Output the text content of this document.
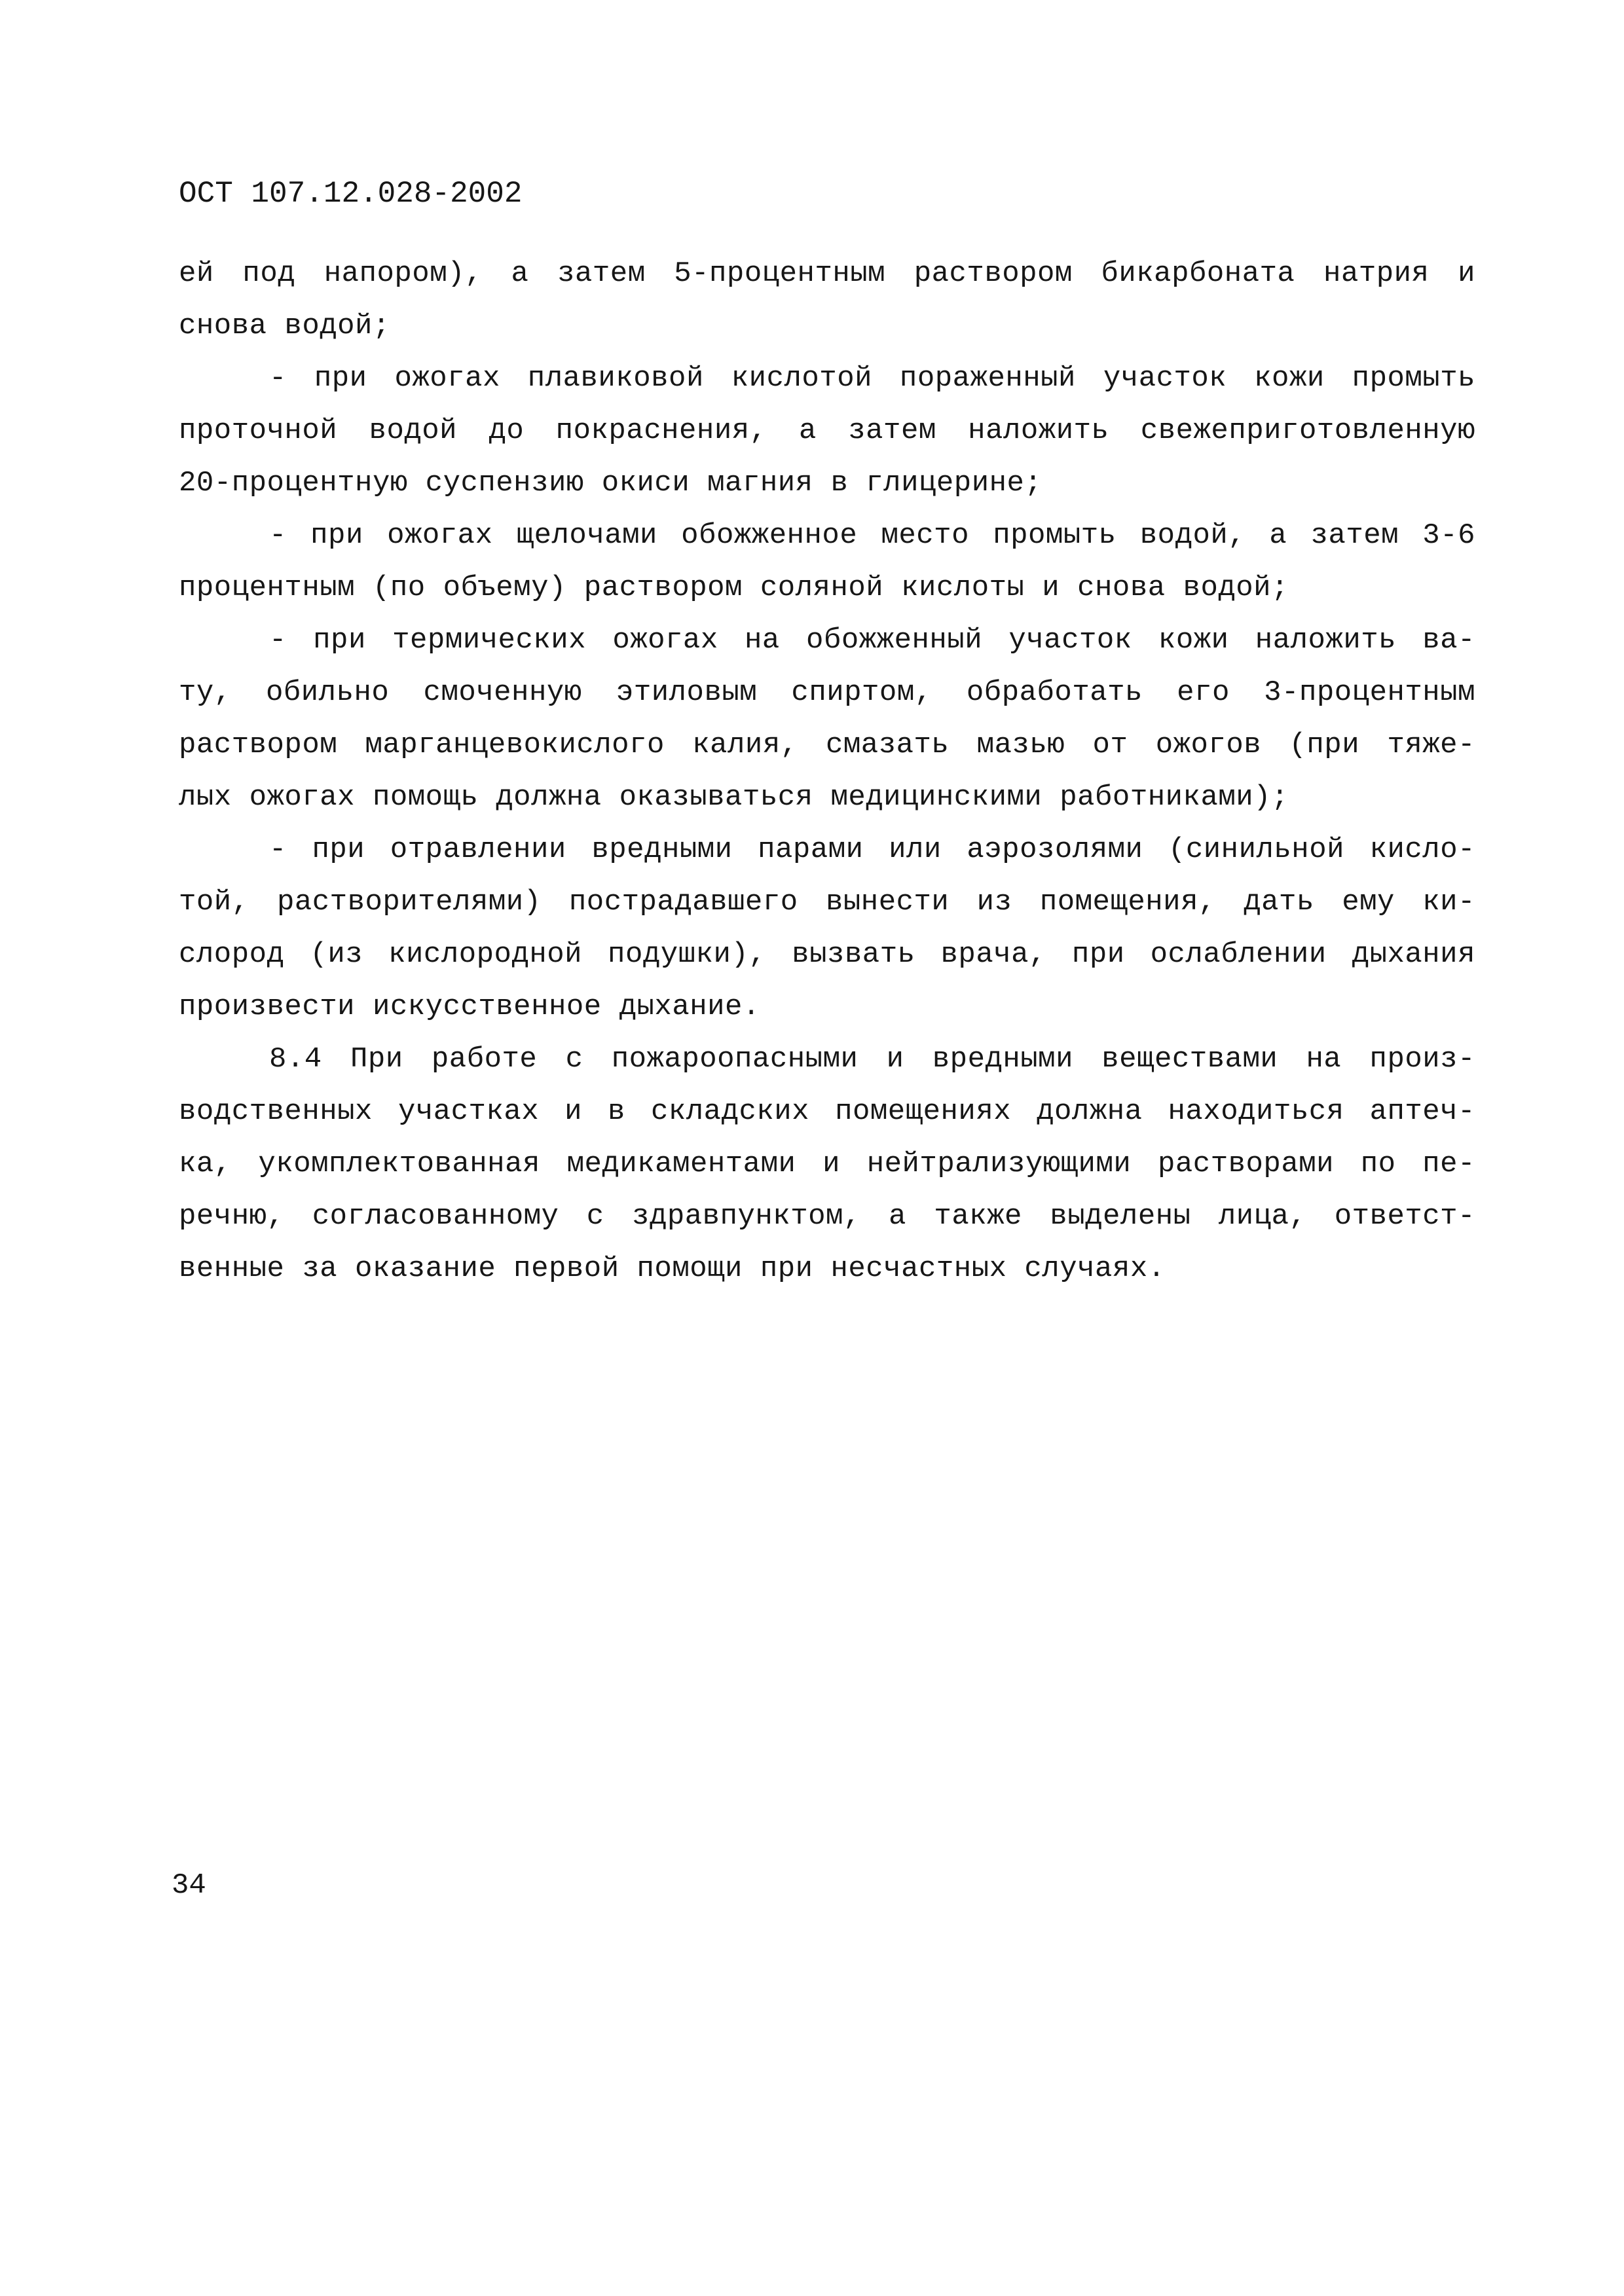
ОСТ 107.12.028-2002
ей под напором), а затем 5-процентным раствором бикарбоната натрия и
снова водой;
- при ожогах плавиковой кислотой пораженный участок кожи промыть
проточной водой до покраснения, а затем наложить свежеприготовленную
20-процентную суспензию окиси магния в глицерине;
- при ожогах щелочами обожженное место промыть водой, а затем 3-6
процентным (по объему) раствором соляной кислоты и снова водой;
- при термических ожогах на обожженный участок кожи наложить ва-
ту, обильно смоченную этиловым спиртом, обработать его 3-процентным
раствором марганцевокислого калия, смазать мазью от ожогов (при тяже-
лых ожогах помощь должна оказываться медицинскими работниками);
- при отравлении вредными парами или аэрозолями (синильной кисло-
той, растворителями) пострадавшего вынести из помещения, дать ему ки-
слород (из кислородной подушки), вызвать врача, при ослаблении дыхания
произвести искусственное дыхание.
8.4 При работе с пожароопасными и вредными веществами на произ-
водственных участках и в складских помещениях должна находиться аптеч-
ка, укомплектованная медикаментами и нейтрализующими растворами по пе-
речню, согласованному с здравпунктом, а также выделены лица, ответст-
венные за оказание первой помощи при несчастных случаях.
34
